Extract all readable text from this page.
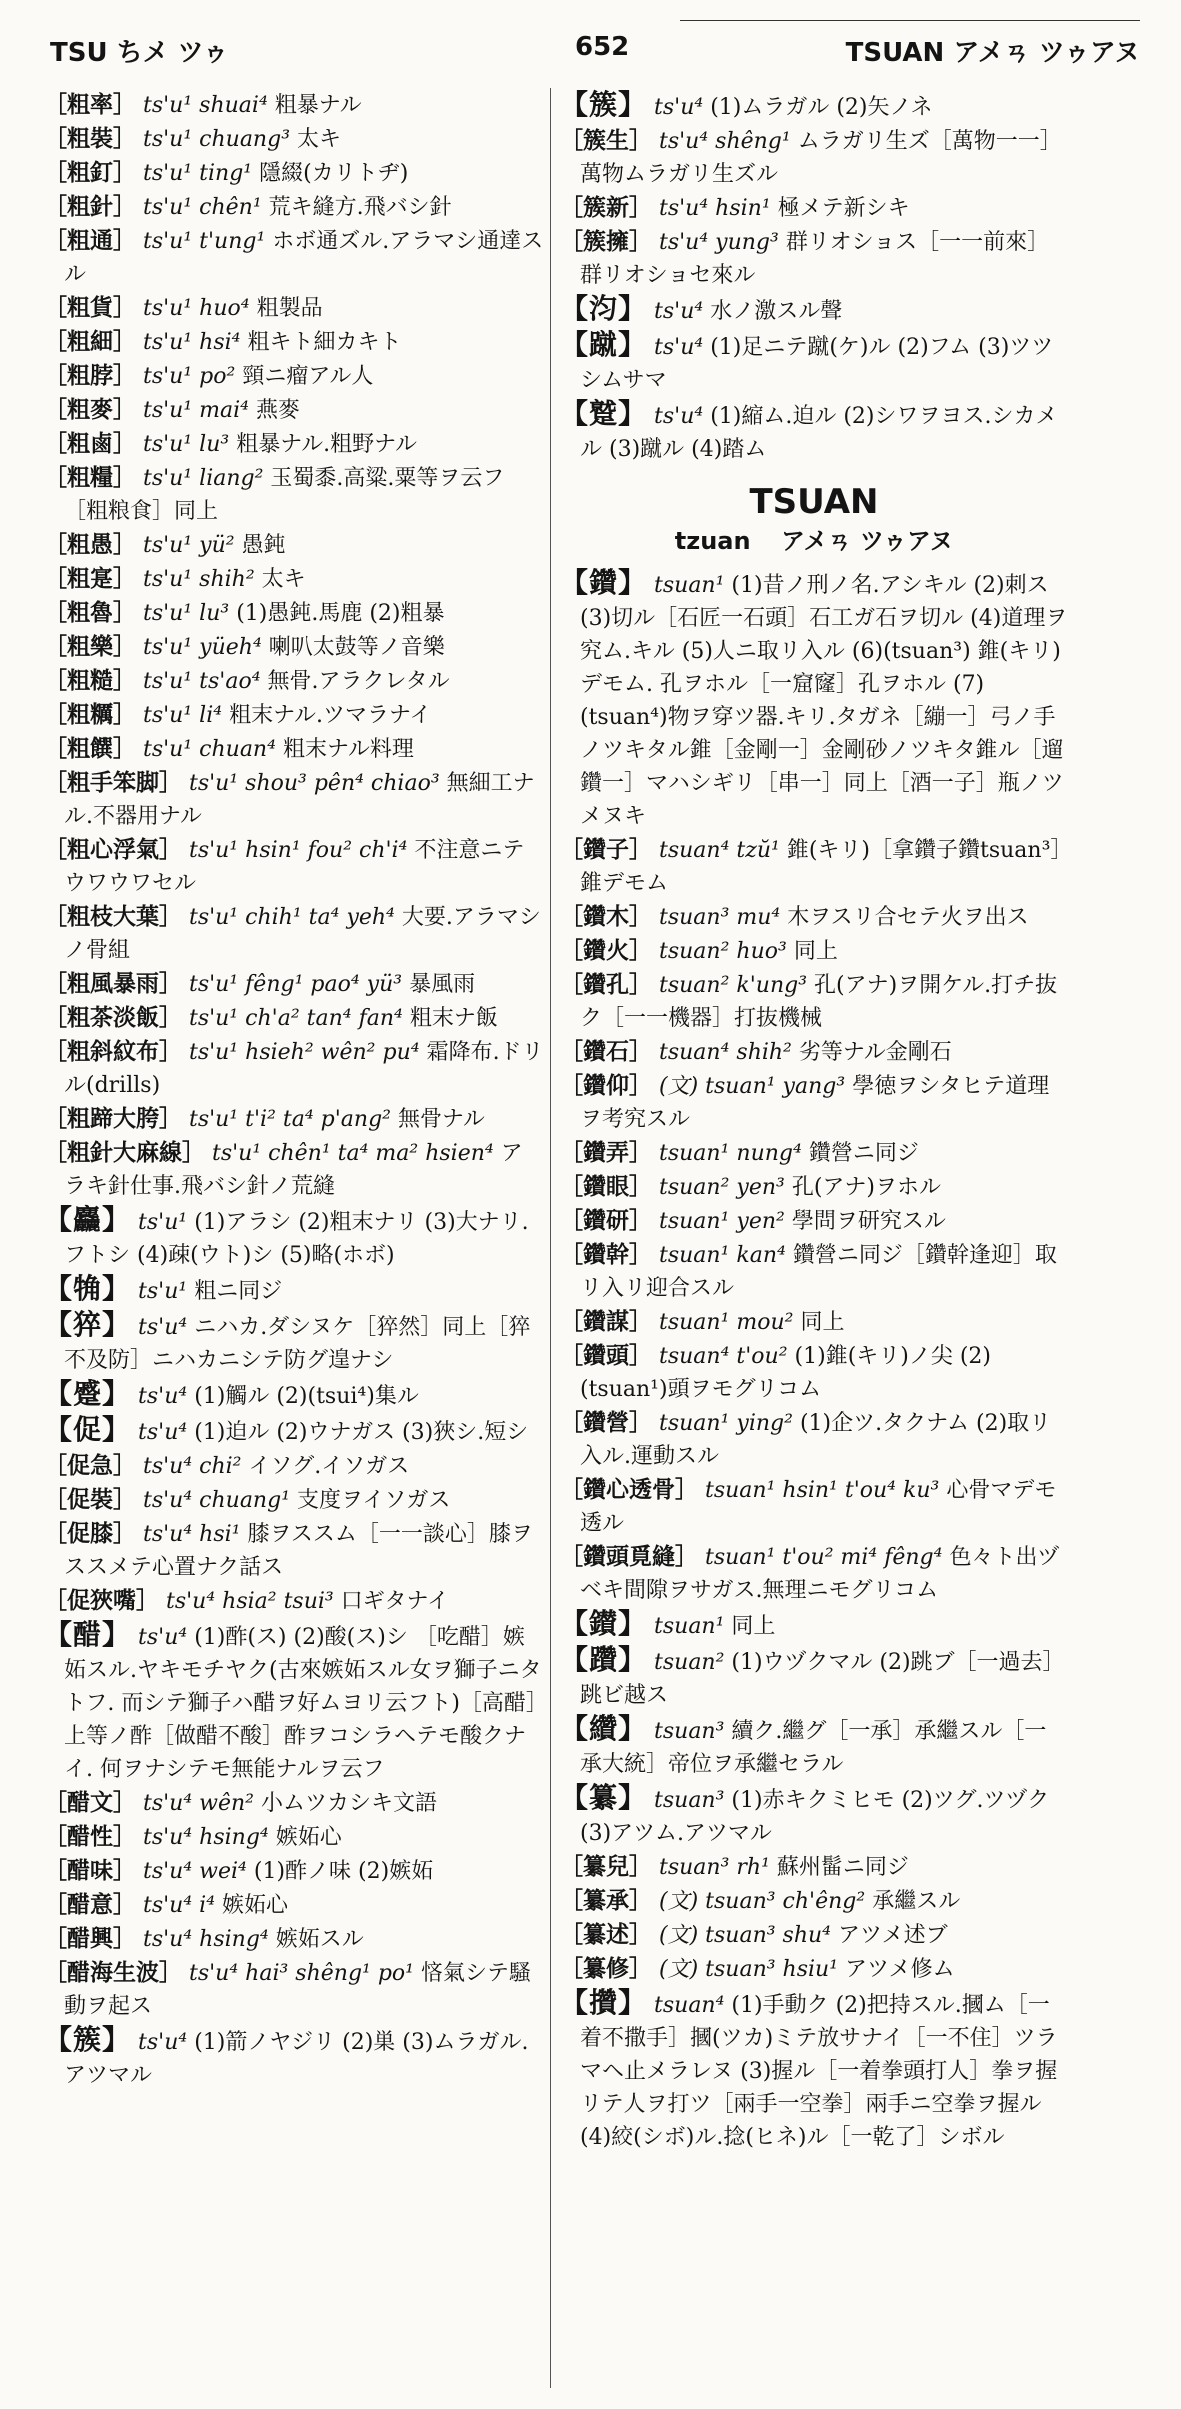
TSU ちメ ツゥ	652	TSUAN アメㄢ ツゥアヌ

［粗率］ ts'u¹ shuai⁴ 粗暴ナル

［粗裝］ ts'u¹ chuang³ 太キ

［粗釘］ ts'u¹ ting¹ 隱綴(カリトヂ)

［粗針］ ts'u¹ chên¹ 荒キ縫方.飛バシ針

［粗通］ ts'u¹ t'ung¹ ホボ通ズル.アラマシ通達スル

［粗貨］ ts'u¹ huo⁴ 粗製品

［粗細］ ts'u¹ hsi⁴ 粗キト細カキト

［粗脖］ ts'u¹ po² 頸ニ瘤アル人

［粗麥］ ts'u¹ mai⁴ 燕麥

［粗鹵］ ts'u¹ lu³ 粗暴ナル.粗野ナル

［粗糧］ ts'u¹ liang² 玉蜀黍.高粱.粟等ヲ云フ［粗粮食］同上

［粗愚］ ts'u¹ yü² 愚鈍

［粗寔］ ts'u¹ shih² 太キ

［粗魯］ ts'u¹ lu³ (1)愚鈍.馬鹿 (2)粗暴

［粗樂］ ts'u¹ yüeh⁴ 喇叭太鼓等ノ音樂

［粗糙］ ts'u¹ ts'ao⁴ 無骨.アラクレタル

［粗糲］ ts'u¹ li⁴ 粗末ナル.ツマラナイ

［粗饌］ ts'u¹ chuan⁴ 粗末ナル料理

［粗手笨脚］ ts'u¹ shou³ pên⁴ chiao³ 無細工ナル.不器用ナル

［粗心浮氣］ ts'u¹ hsin¹ fou² ch'i⁴ 不注意ニテウワウワセル

［粗枝大葉］ ts'u¹ chih¹ ta⁴ yeh⁴ 大要.アラマシノ骨組

［粗風暴雨］ ts'u¹ fêng¹ pao⁴ yü³ 暴風雨

［粗茶淡飯］ ts'u¹ ch'a² tan⁴ fan⁴ 粗末ナ飯

［粗斜紋布］ ts'u¹ hsieh² wên² pu⁴ 霜降布.ドリル(drills)

［粗蹄大胯］ ts'u¹ t'i² ta⁴ p'ang² 無骨ナル

［粗針大麻線］ ts'u¹ chên¹ ta⁴ ma² hsien⁴ アラキ針仕事.飛バシ針ノ荒縫

【麤】 ts'u¹ (1)アラシ (2)粗末ナリ (3)大ナリ.フトシ (4)疎(ウト)シ (5)略(ホボ)

【觕】 ts'u¹ 粗ニ同ジ

【猝】 ts'u⁴ ニハカ.ダシヌケ［猝然］同上［猝不及防］ニハカニシテ防グ遑ナシ

【蹙】 ts'u⁴ (1)觸ル (2)(tsui⁴)集ル

【促】 ts'u⁴ (1)迫ル (2)ウナガス (3)狹シ.短シ

［促急］ ts'u⁴ chi² イソグ.イソガス

［促裝］ ts'u⁴ chuang¹ 支度ヲイソガス

［促膝］ ts'u⁴ hsi¹ 膝ヲススム［一一談心］膝ヲススメテ心置ナク話ス

［促狹嘴］ ts'u⁴ hsia² tsui³ 口ギタナイ

【醋】 ts'u⁴ (1)酢(ス) (2)酸(ス)シ ［吃醋］嫉妬スル.ヤキモチヤク(古來嫉妬スル女ヲ獅子ニタトフ. 而シテ獅子ハ醋ヲ好ムヨリ云フト)［高醋］上等ノ酢［做醋不酸］酢ヲコシラヘテモ酸クナイ. 何ヲナシテモ無能ナルヲ云フ

［醋文］ ts'u⁴ wên² 小ムツカシキ文語

［醋性］ ts'u⁴ hsing⁴ 嫉妬心

［醋味］ ts'u⁴ wei⁴ (1)酢ノ味 (2)嫉妬

［醋意］ ts'u⁴ i⁴ 嫉妬心

［醋興］ ts'u⁴ hsing⁴ 嫉妬スル

［醋海生波］ ts'u⁴ hai³ shêng¹ po¹ 悋氣シテ騷動ヲ起ス

【簇】 ts'u⁴ (1)箭ノヤジリ (2)巣 (3)ムラガル.アツマル

【簇】 ts'u⁴ (1)ムラガル (2)矢ノネ

［簇生］ ts'u⁴ shêng¹ ムラガリ生ズ［萬物一一］萬物ムラガリ生ズル

［簇新］ ts'u⁴ hsin¹ 極メテ新シキ

［簇擁］ ts'u⁴ yung³ 群リオショス［一一前來］群リオショセ來ル

【汮】 ts'u⁴ 水ノ激スル聲

【蹴】 ts'u⁴ (1)足ニテ蹴(ケ)ル (2)フム (3)ツツシムサマ

【蹵】 ts'u⁴ (1)縮ム.迫ル (2)シワヲヨス.シカメル (3)蹴ル (4)踏ム

TSUAN
tzuan アメㄢ ツゥアヌ

【鑽】 tsuan¹ (1)昔ノ刑ノ名.アシキル (2)刺ス (3)切ル［石匠一石頭］石工ガ石ヲ切ル (4)道理ヲ究ム.キル (5)人ニ取リ入ル (6)(tsuan³) 錐(キリ)デモム. 孔ヲホル［一窟窿］孔ヲホル (7)(tsuan⁴)物ヲ穿ツ器.キリ.タガネ［繃一］弓ノ手ノツキタル錐［金剛一］金剛砂ノツキタ錐ル［遛鑽一］マハシギリ［串一］同上［酒一子］瓶ノツメヌキ

［鑽子］ tsuan⁴ tzŭ¹ 錐(キリ)［拿鑽子鑽tsuan³］錐デモム

［鑽木］ tsuan³ mu⁴ 木ヲスリ合セテ火ヲ出ス

［鑽火］ tsuan² huo³ 同上

［鑽孔］ tsuan² k'ung³ 孔(アナ)ヲ開ケル.打チ抜ク［一一機器］打抜機械

［鑽石］ tsuan⁴ shih² 劣等ナル金剛石

［鑽仰］ (文) tsuan¹ yang³ 學徳ヲシタヒテ道理ヲ考究スル

［鑽弄］ tsuan¹ nung⁴ 鑽營ニ同ジ

［鑽眼］ tsuan² yen³ 孔(アナ)ヲホル

［鑽研］ tsuan¹ yen² 學問ヲ研究スル

［鑽幹］ tsuan¹ kan⁴ 鑽營ニ同ジ［鑽幹逢迎］取リ入リ迎合スル

［鑽謀］ tsuan¹ mou² 同上

［鑽頭］ tsuan⁴ t'ou² (1)錐(キリ)ノ尖 (2)(tsuan¹)頭ヲモグリコム

［鑽營］ tsuan¹ ying² (1)企ツ.タクナム (2)取リ入ル.運動スル

［鑽心透骨］ tsuan¹ hsin¹ t'ou⁴ ku³ 心骨マデモ透ル

［鑽頭覓縫］ tsuan¹ t'ou² mi⁴ fêng⁴ 色々ト出ヅベキ間隙ヲサガス.無理ニモグリコム

【鑚】 tsuan¹ 同上

【躦】 tsuan² (1)ウヅクマル (2)跳ブ［一過去］跳ビ越ス

【纘】 tsuan³ 續ク.繼グ［一承］承繼スル［一承大統］帝位ヲ承繼セラル

【纂】 tsuan³ (1)赤キクミヒモ (2)ツグ.ツヅク (3)アツム.アツマル

［纂兒］ tsuan³ rh¹ 蘇州髷ニ同ジ

［纂承］ (文) tsuan³ ch'êng² 承繼スル

［纂述］ (文) tsuan³ shu⁴ アツメ述ブ

［纂修］ (文) tsuan³ hsiu¹ アツメ修ム

【攢】 tsuan⁴ (1)手動ク (2)把持スル.摑ム［一着不撒手］摑(ツカ)ミテ放サナイ［一不住］ツラマヘ止メラレヌ (3)握ル［一着拳頭打人］拳ヲ握リテ人ヲ打ツ［兩手一空拳］兩手ニ空拳ヲ握ル (4)絞(シボ)ル.捻(ヒネ)ル［一乾了］シボル
